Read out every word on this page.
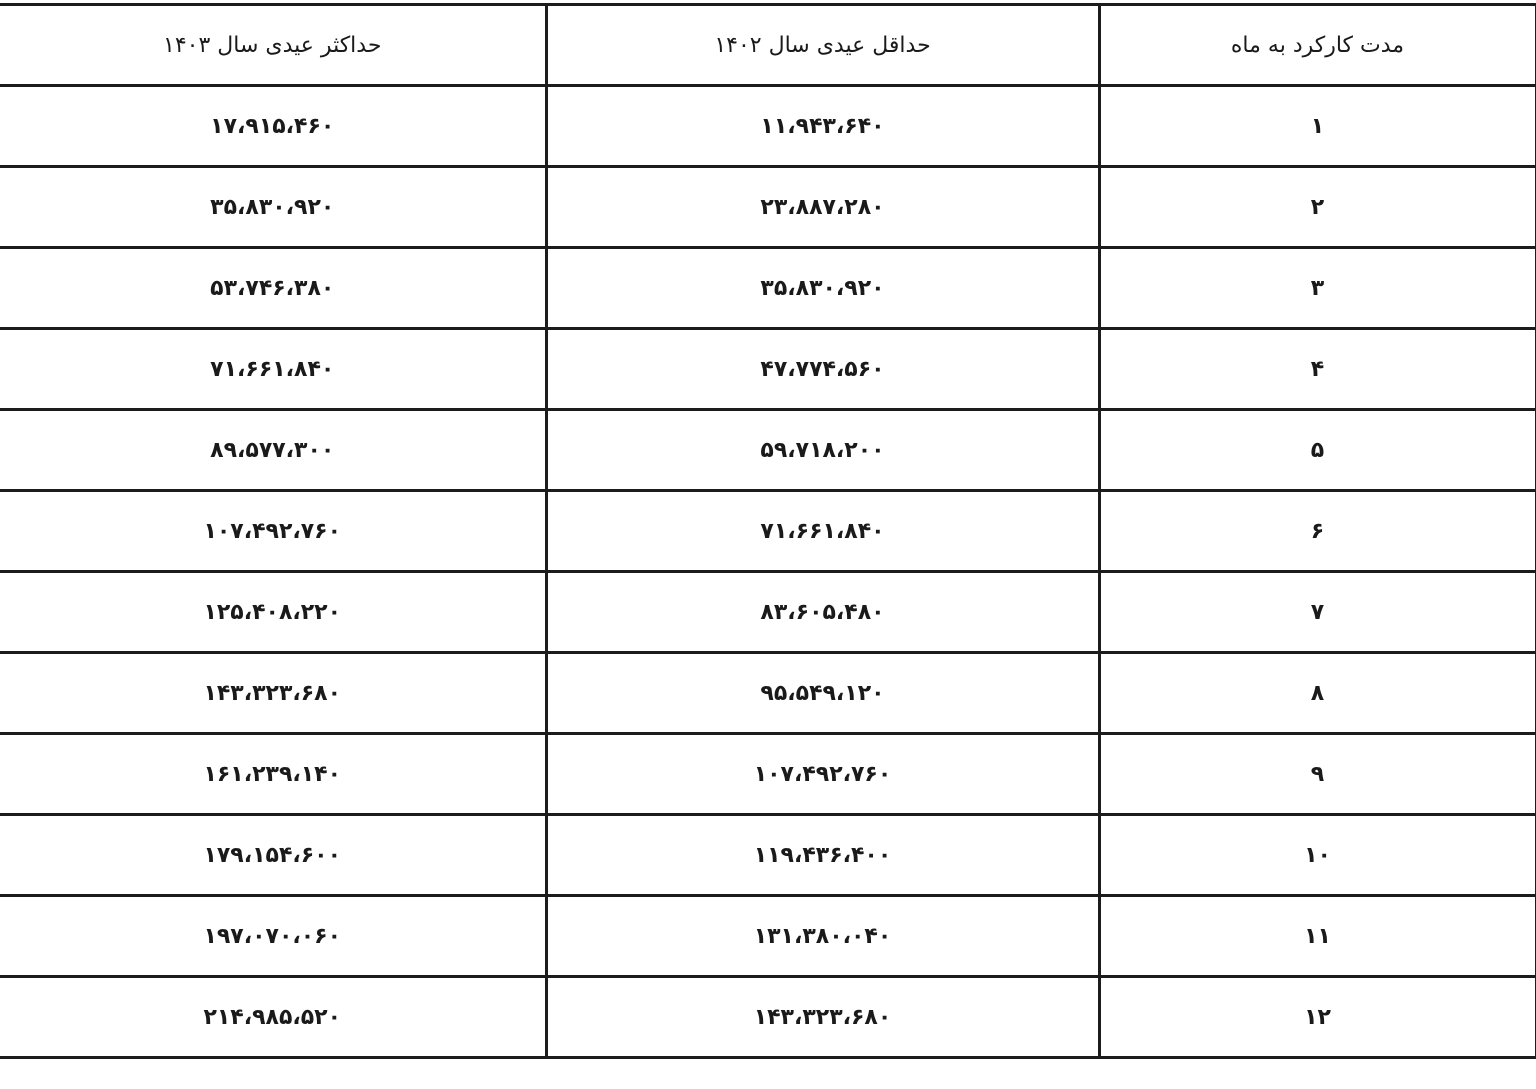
مدت کارکرد به ماه	حداقل عیدی سال ۱۴۰۲	حداکثر عیدی سال ۱۴۰۳
۱	۱۱،۹۴۳،۶۴۰	۱۷،۹۱۵،۴۶۰
۲	۲۳،۸۸۷،۲۸۰	۳۵،۸۳۰،۹۲۰
۳	۳۵،۸۳۰،۹۲۰	۵۳،۷۴۶،۳۸۰
۴	۴۷،۷۷۴،۵۶۰	۷۱،۶۶۱،۸۴۰
۵	۵۹،۷۱۸،۲۰۰	۸۹،۵۷۷،۳۰۰
۶	۷۱،۶۶۱،۸۴۰	۱۰۷،۴۹۲،۷۶۰
۷	۸۳،۶۰۵،۴۸۰	۱۲۵،۴۰۸،۲۲۰
۸	۹۵،۵۴۹،۱۲۰	۱۴۳،۳۲۳،۶۸۰
۹	۱۰۷،۴۹۲،۷۶۰	۱۶۱،۲۳۹،۱۴۰
۱۰	۱۱۹،۴۳۶،۴۰۰	۱۷۹،۱۵۴،۶۰۰
۱۱	۱۳۱،۳۸۰،۰۴۰	۱۹۷،۰۷۰،۰۶۰
۱۲	۱۴۳،۳۲۳،۶۸۰	۲۱۴،۹۸۵،۵۲۰
